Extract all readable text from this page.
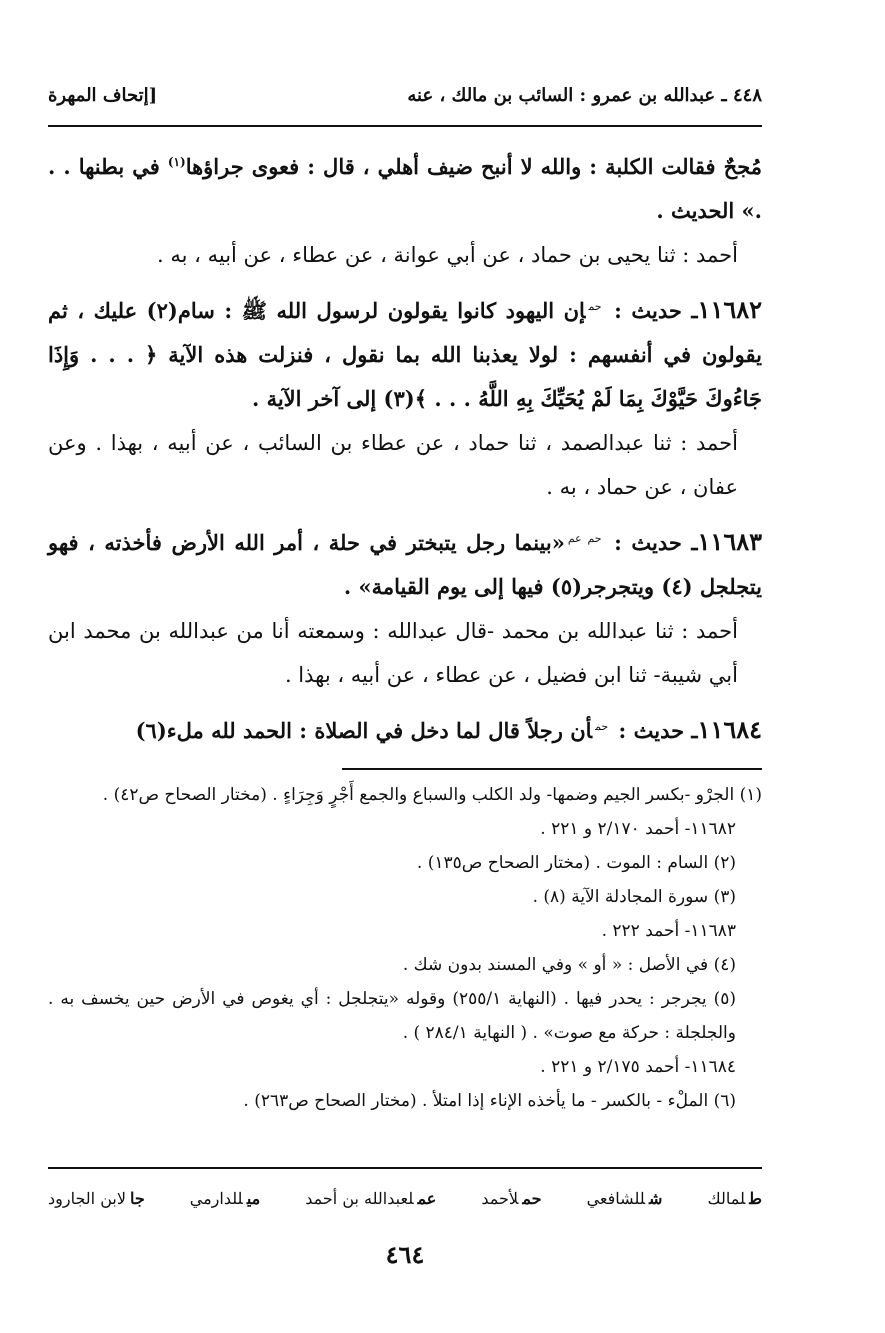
٤٤٨ ـ عبدالله بن عمرو : السائب بن مالك ، عنه
[إتحاف المهرة

مُجحٌ فقالت الكلبة : والله لا أنبح ضيف أهلي ، قال : فعوى جراؤها$^{(١)}$ في بطنها . . .» الحديث .

أحمد : ثنا يحيى بن حماد ، عن أبي عوانة ، عن عطاء ، عن أبيه ، به .

١١٦٨٢ـ حديث : $^{حم}$إن اليهود كانوا يقولون لرسول الله ﷺ : سام(٢) عليك ، ثم يقولون في أنفسهم : لولا يعذبنا الله بما نقول ، فنزلت هذه الآية ﴿ . . . وَإِذَا جَاءُوكَ حَيَّوْكَ بِمَا لَمْ يُحَيِّكَ بِهِ اللَّهُ . . . ﴾(٣) إلى آخر الآية .

أحمد : ثنا عبدالصمد ، ثنا حماد ، عن عطاء بن السائب ، عن أبيه ، بهذا . وعن عفان ، عن حماد ، به .

١١٦٨٣ـ حديث : $^{حم عم}$«بينما رجل يتبختر في حلة ، أمر الله الأرض فأخذته ، فهو يتجلجل (٤) ويتجرجر(٥) فيها إلى يوم القيامة» .

أحمد : ثنا عبدالله بن محمد -قال عبدالله : وسمعته أنا من عبدالله بن محمد ابن أبي شيبة- ثنا ابن فضيل ، عن عطاء ، عن أبيه ، بهذا .

١١٦٨٤ـ حديث : $^{حم}$أن رجلاً قال لما دخل في الصلاة : الحمد لله ملء(٦)

(١) الجرْو -بكسر الجيم وضمها- ولد الكلب والسباع والجمع أَجْرٍ وَجِرَاءٍ . (مختار الصحاح ص٤٢) .

١١٦٨٢- أحمد ٢/١٧٠ و ٢٢١ .

(٢) السام : الموت . (مختار الصحاح ص١٣٥) .

(٣) سورة المجادلة الآية (٨) .

١١٦٨٣- أحمد ٢٢٢ .

(٤) في الأصل : « أو » وفي المسند بدون شك .

(٥) يجرجر : يحدر فيها . (النهاية ٢٥٥/١) وقوله «يتجلجل : أي يغوص في الأرض حين يخسف به . والجلجلة : حركة مع صوت» . ( النهاية ٢٨٤/١ ) .

١١٦٨٤- أحمد ٢/١٧٥ و ٢٢١ .

(٦) الملْء - بالكسر - ما يأخذه الإناء إذا امتلأ . (مختار الصحاح ص٢٦٣) .

طلمالك
شللشافعي
حملأحمد
عملعبدالله بن أحمد
ميللدارمي
جالابن الجارود
٤٦٤
